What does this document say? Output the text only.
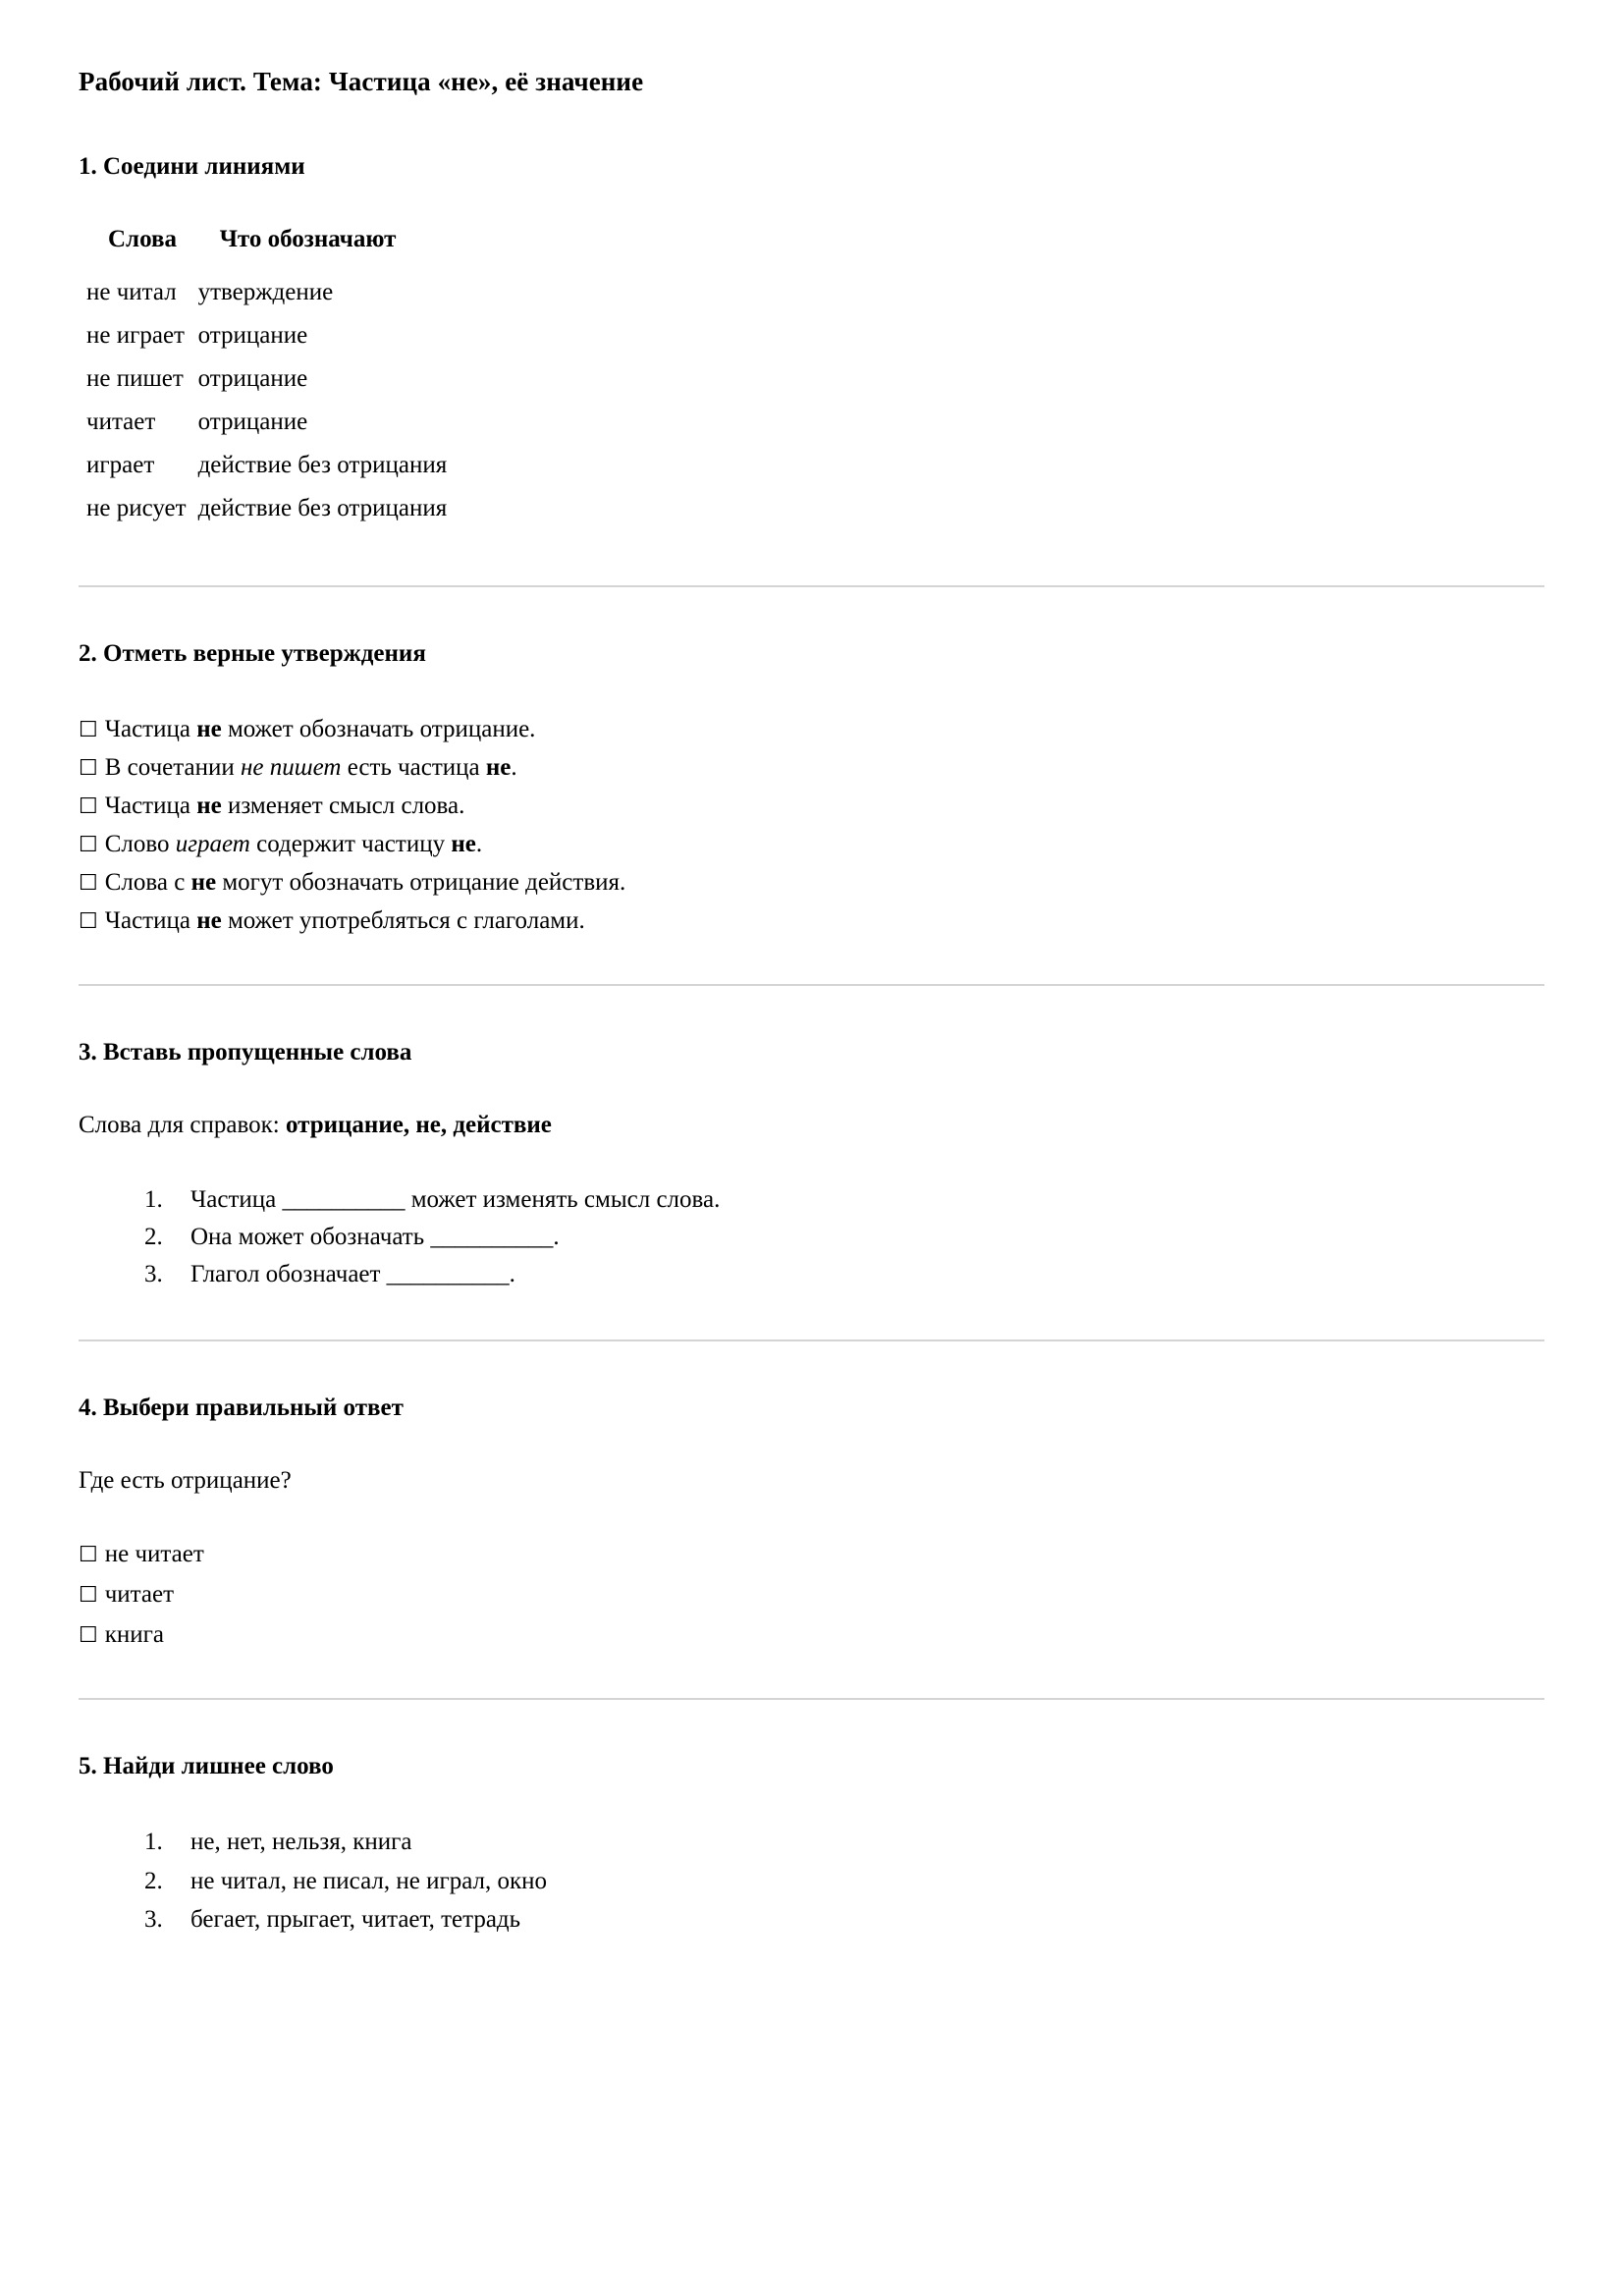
Рабочий лист. Тема: Частица «не», её значение
1. Соедини линиями
Слова	Что обозначают
не читал	утверждение
не играет	отрицание
не пишет	отрицание
читает	отрицание
играет	действие без отрицания
не рисует	действие без отрицания
2. Отметь верные утверждения
☐ Частица не может обозначать отрицание.
☐ В сочетании не пишет есть частица не.
☐ Частица не изменяет смысл слова.
☐ Слово играет содержит частицу не.
☐ Слова с не могут обозначать отрицание действия.
☐ Частица не может употребляться с глаголами.
3. Вставь пропущенные слова

Слова для справок: отрицание, не, действие

1. Частица __________ может изменять смысл слова.
2. Она может обозначать __________.
3. Глагол обозначает __________.
4. Выбери правильный ответ

Где есть отрицание?

☐ не читает
☐ читает
☐ книга
5. Найди лишнее слово
1. не, нет, нельзя, книга
2. не читал, не писал, не играл, окно
3. бегает, прыгает, читает, тетрадь
